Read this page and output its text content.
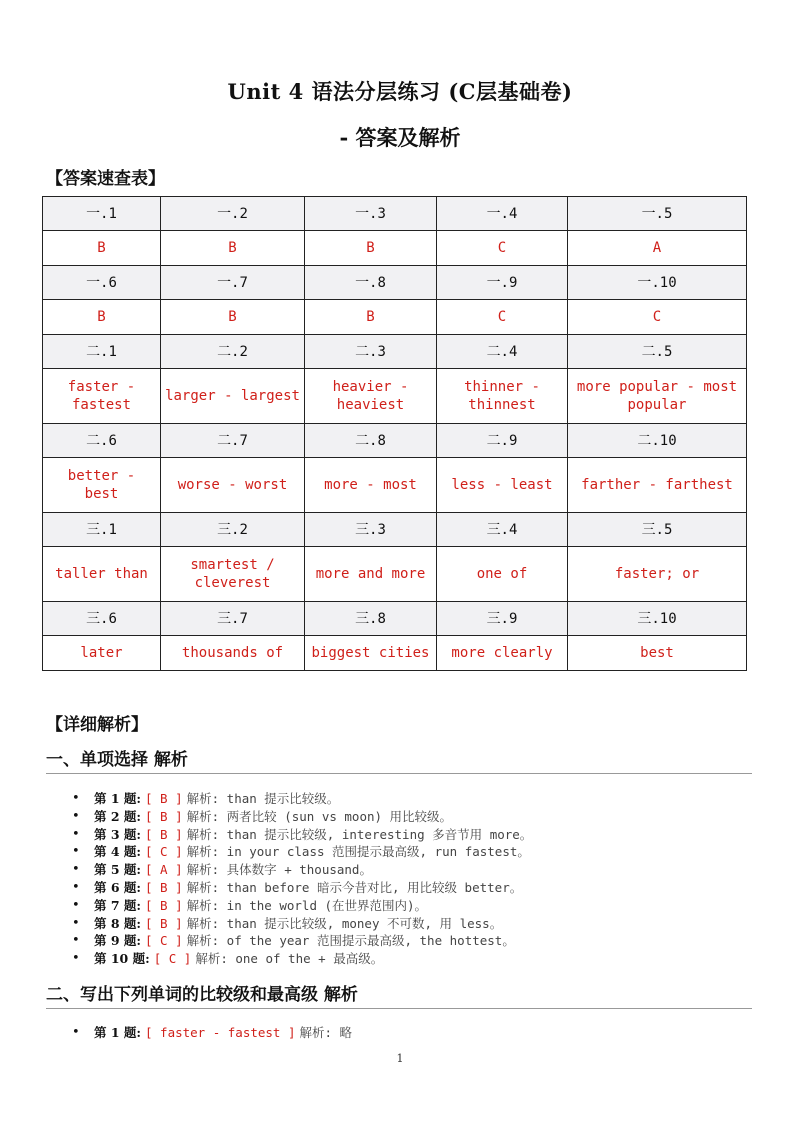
Unit 4 语法分层练习 (C层基础卷)
- 答案及解析
【答案速查表】
一.1	一.2	一.3	一.4	一.5
B	B	B	C	A
一.6	一.7	一.8	一.9	一.10
B	B	B	C	C
二.1	二.2	二.3	二.4	二.5
faster - fastest	larger - largest	heavier - heaviest	thinner - thinnest	more popular - most popular
二.6	二.7	二.8	二.9	二.10
better - best	worse - worst	more - most	less - least	farther - farthest
三.1	三.2	三.3	三.4	三.5
taller than	smartest / cleverest	more and more	one of	faster; or
三.6	三.7	三.8	三.9	三.10
later	thousands of	biggest cities	more clearly	best
【详细解析】
一、单项选择 解析
• 第 1 题: [ B ] 解析: than 提示比较级。
• 第 2 题: [ B ] 解析: 两者比较 (sun vs moon) 用比较级。
• 第 3 题: [ B ] 解析: than 提示比较级, interesting 多音节用 more。
• 第 4 题: [ C ] 解析: in your class 范围提示最高级, run fastest。
• 第 5 题: [ A ] 解析: 具体数字 + thousand。
• 第 6 题: [ B ] 解析: than before 暗示今昔对比, 用比较级 better。
• 第 7 题: [ B ] 解析: in the world (在世界范围内)。
• 第 8 题: [ B ] 解析: than 提示比较级, money 不可数, 用 less。
• 第 9 题: [ C ] 解析: of the year 范围提示最高级, the hottest。
• 第 10 题: [ C ] 解析: one of the + 最高级。
二、写出下列单词的比较级和最高级 解析
• 第 1 题: [ faster - fastest ] 解析: 略
1
